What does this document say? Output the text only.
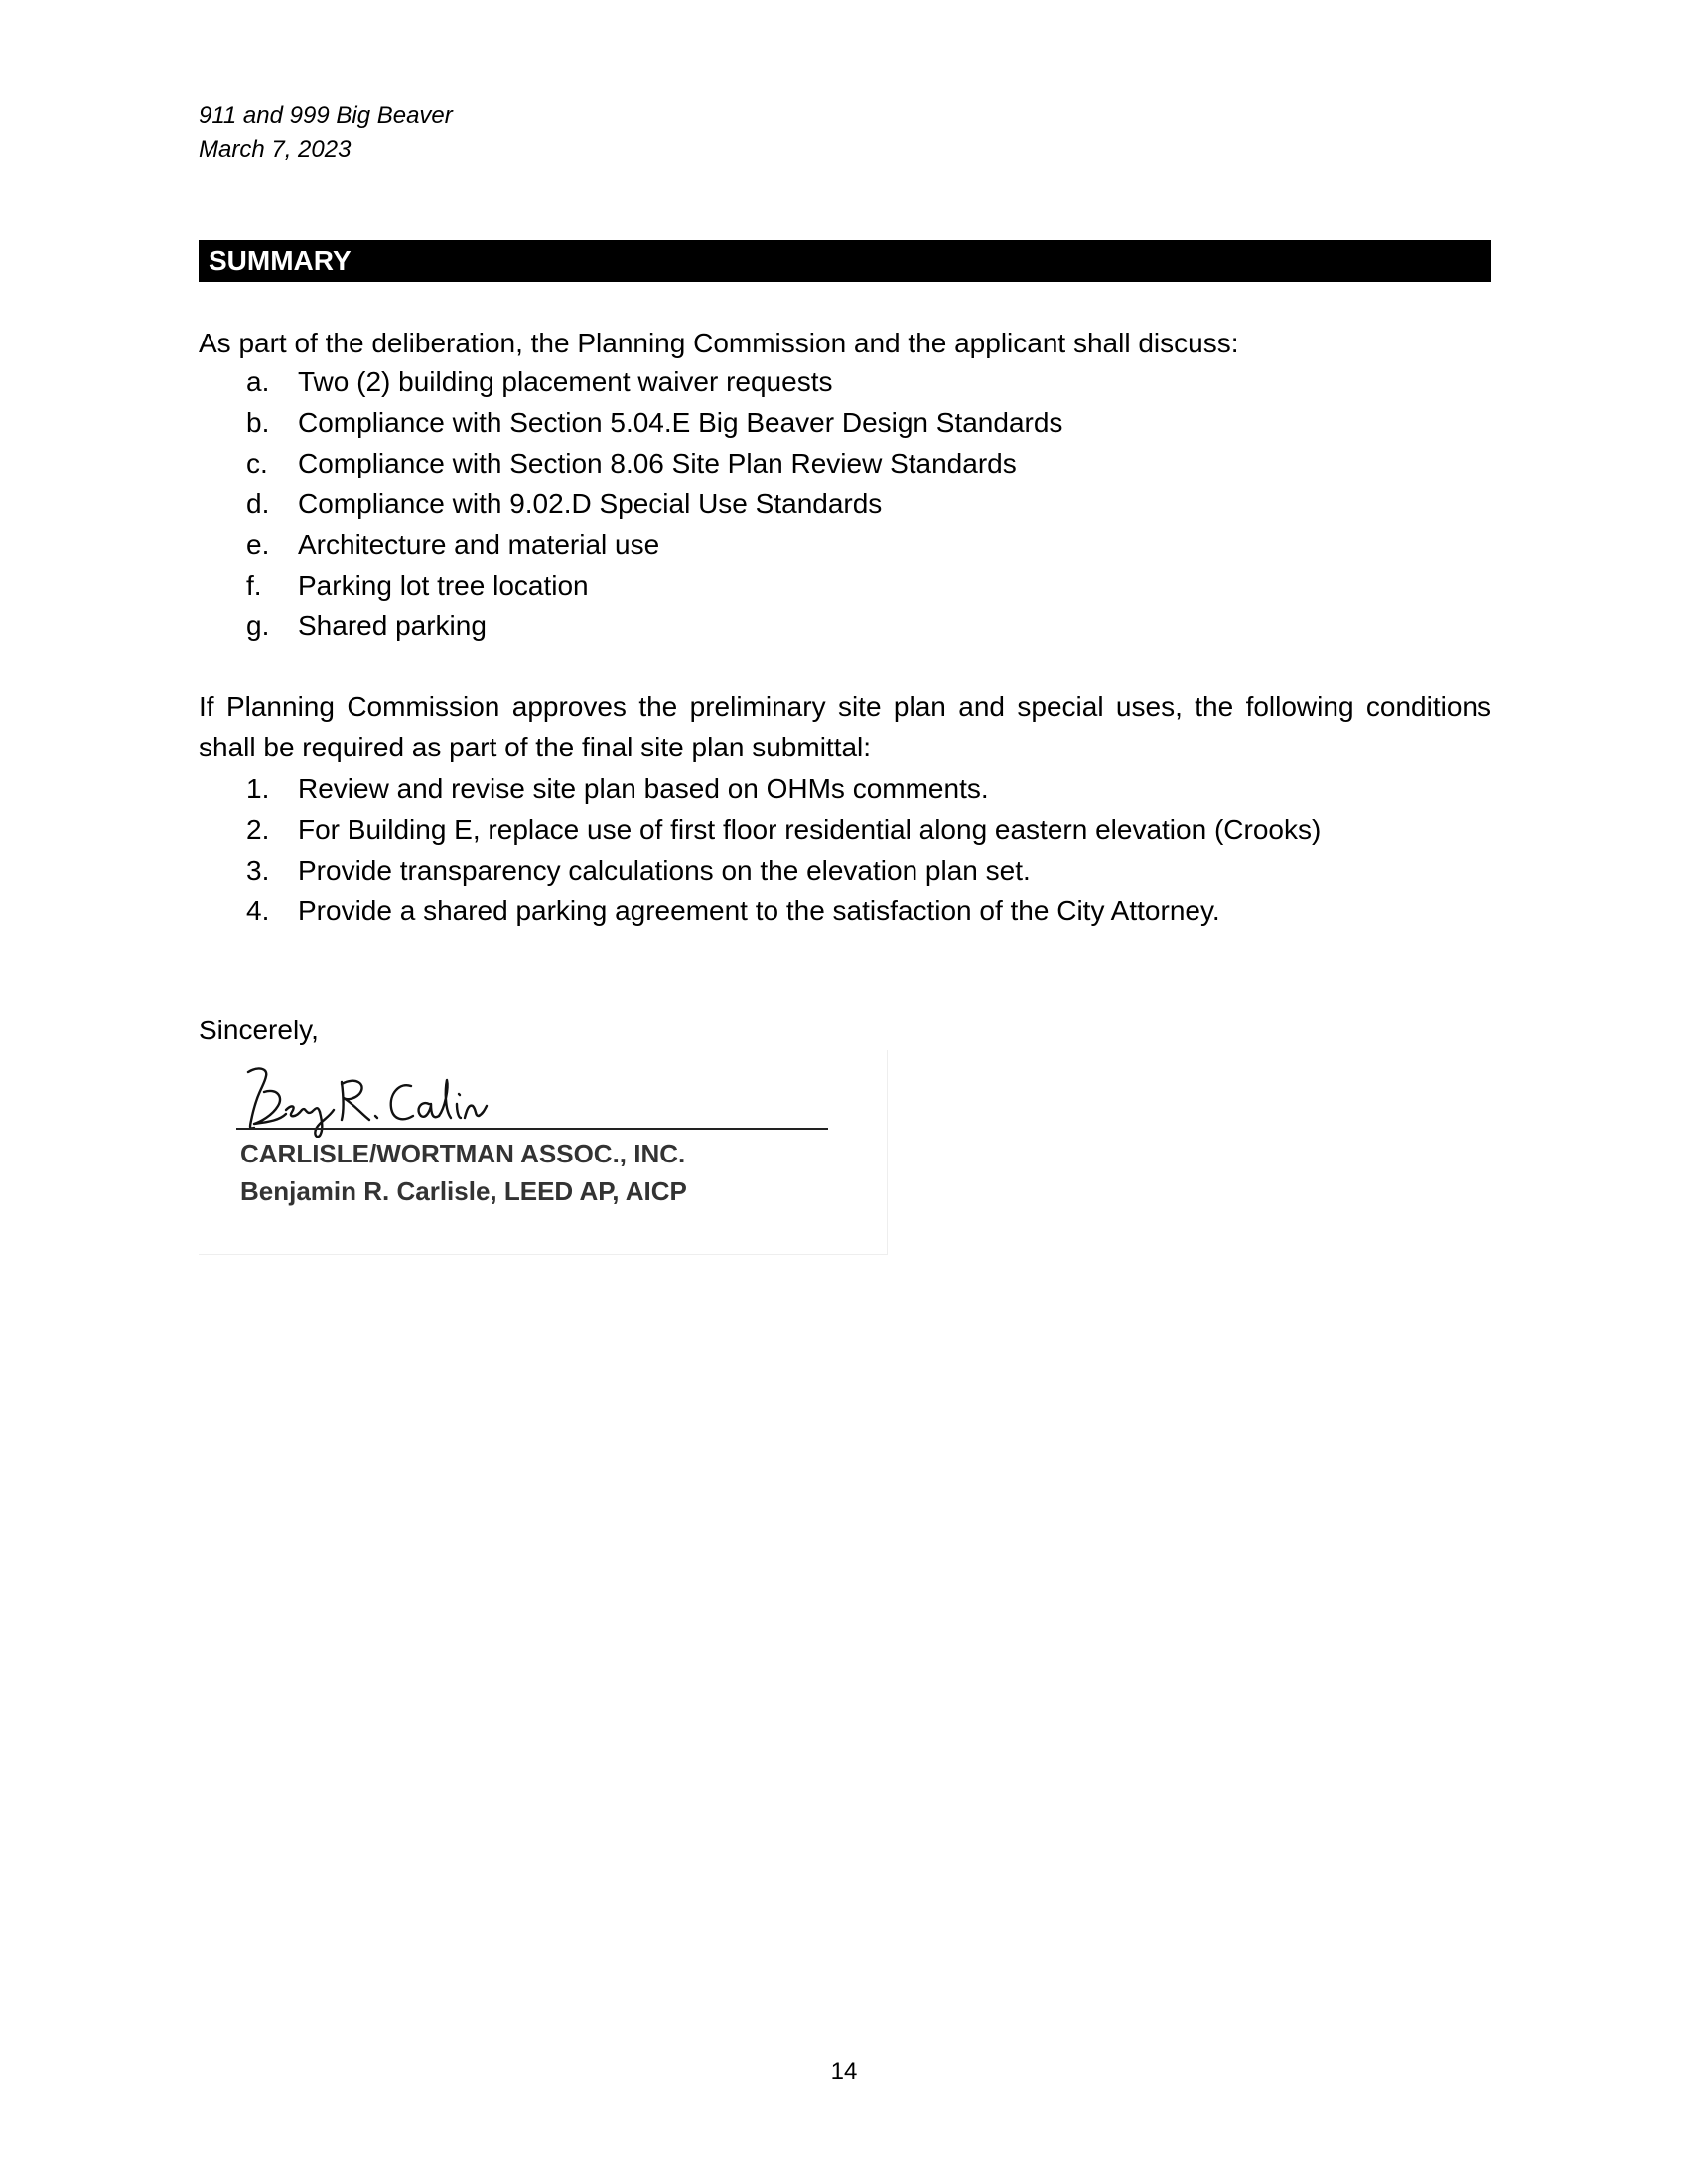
911 and 999 Big Beaver
March 7, 2023
SUMMARY
As part of the deliberation, the Planning Commission and the applicant shall discuss:
a. Two (2) building placement waiver requests
b. Compliance with Section 5.04.E Big Beaver Design Standards
c. Compliance with Section 8.06 Site Plan Review Standards
d. Compliance with 9.02.D Special Use Standards
e. Architecture and material use
f. Parking lot tree location
g. Shared parking
If Planning Commission approves the preliminary site plan and special uses, the following conditions shall be required as part of the final site plan submittal:
1. Review and revise site plan based on OHMs comments.
2. For Building E, replace use of first floor residential along eastern elevation (Crooks)
3. Provide transparency calculations on the elevation plan set.
4. Provide a shared parking agreement to the satisfaction of the City Attorney.
Sincerely,
CARLISLE/WORTMAN ASSOC., INC.
Benjamin R. Carlisle, LEED AP, AICP
14
